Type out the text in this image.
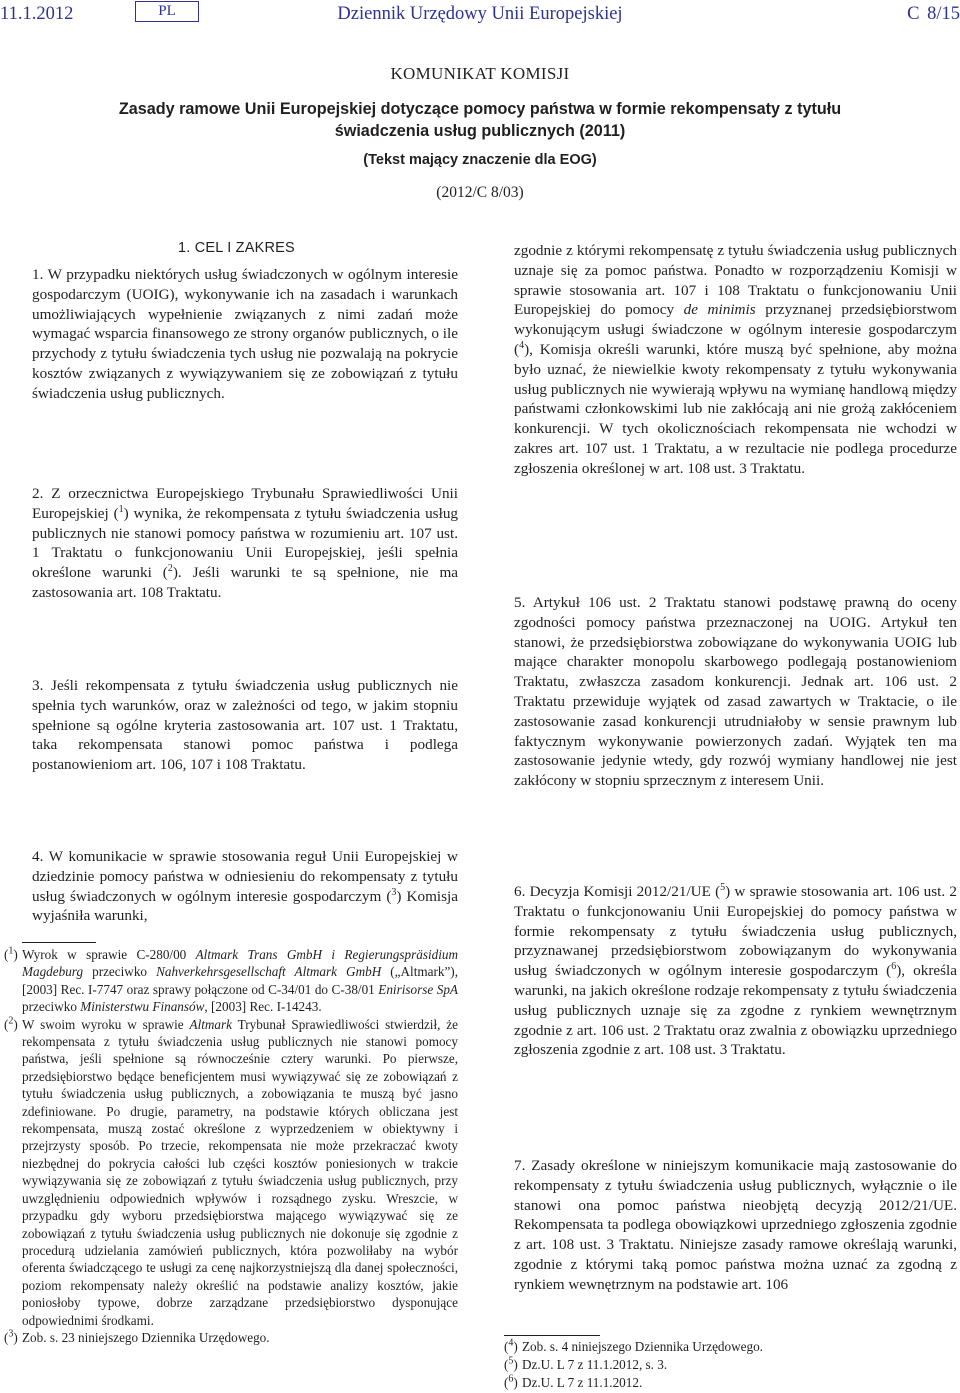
11.1.2012	PL	Dziennik Urzędowy Unii Europejskiej	C 8/15
KOMUNIKAT KOMISJI
Zasady ramowe Unii Europejskiej dotyczące pomocy państwa w formie rekompensaty z tytułu
świadczenia usług publicznych (2011)
(Tekst mający znaczenie dla EOG)
(2012/C 8/03)
1. CEL I ZAKRES
1. W przypadku niektórych usług świadczonych w ogólnym interesie gospodarczym (UOIG), wykonywanie ich na zasadach i warunkach umożliwiających wypełnienie związanych z nimi zadań może wymagać wsparcia finansowego ze strony organów publicznych, o ile przychody z tytułu świadczenia tych usług nie pozwalają na pokrycie kosztów związanych z wywiązywaniem się ze zobowiązań z tytułu świadczenia usług publicznych.
2. Z orzecznictwa Europejskiego Trybunału Sprawiedliwości Unii Europejskiej ($^1$) wynika, że rekompensata z tytułu świadczenia usług publicznych nie stanowi pomocy państwa w rozumieniu art. 107 ust. 1 Traktatu o funkcjonowaniu Unii Europejskiej, jeśli spełnia określone warunki ($^2$). Jeśli warunki te są spełnione, nie ma zastosowania art. 108 Traktatu.
3. Jeśli rekompensata z tytułu świadczenia usług publicznych nie spełnia tych warunków, oraz w zależności od tego, w jakim stopniu spełnione są ogólne kryteria zastosowania art. 107 ust. 1 Traktatu, taka rekompensata stanowi pomoc państwa i podlega postanowieniom art. 106, 107 i 108 Traktatu.
4. W komunikacie w sprawie stosowania reguł Unii Europejskiej w dziedzinie pomocy państwa w odniesieniu do rekompensaty z tytułu usług świadczonych w ogólnym interesie gospodarczym ($^3$) Komisja wyjaśniła warunki,

($^1$) Wyrok w sprawie C-280/00 Altmark Trans GmbH i Regierungspräsidium Magdeburg przeciwko Nahverkehrsgesellschaft Altmark GmbH („Altmark”), [2003] Rec. I-7747 oraz sprawy połączone od C-34/01 do C-38/01 Enirisorse SpA przeciwko Ministerstwu Finansów, [2003] Rec. I-14243.

($^2$) W swoim wyroku w sprawie Altmark Trybunał Sprawiedliwości stwierdził, że rekompensata z tytułu świadczenia usług publicznych nie stanowi pomocy państwa, jeśli spełnione są równocześnie cztery warunki. Po pierwsze, przedsiębiorstwo będące beneficjentem musi wywiązywać się ze zobowiązań z tytułu świadczenia usług publicznych, a zobowiązania te muszą być jasno zdefiniowane. Po drugie, parametry, na podstawie których obliczana jest rekompensata, muszą zostać określone z wyprzedzeniem w obiektywny i przejrzysty sposób. Po trzecie, rekompensata nie może przekraczać kwoty niezbędnej do pokrycia całości lub części kosztów poniesionych w trakcie wywiązywania się ze zobowiązań z tytułu świadczenia usług publicznych, przy uwzględnieniu odpowiednich wpływów i rozsądnego zysku. Wreszcie, w przypadku gdy wyboru przedsiębiorstwa mającego wywiązywać się ze zobowiązań z tytułu świadczenia usług publicznych nie dokonuje się zgodnie z procedurą udzielania zamówień publicznych, która pozwoliłaby na wybór oferenta świadczącego te usługi za cenę najkorzystniejszą dla danej społeczności, poziom rekompensaty należy określić na podstawie analizy kosztów, jakie poniosłoby typowe, dobrze zarządzane przedsiębiorstwo dysponujące odpowiednimi środkami.

($^3$) Zob. s. 23 niniejszego Dziennika Urzędowego.

zgodnie z którymi rekompensatę z tytułu świadczenia usług publicznych uznaje się za pomoc państwa. Ponadto w rozporządzeniu Komisji w sprawie stosowania art. 107 i 108 Traktatu o funkcjonowaniu Unii Europejskiej do pomocy de minimis przyznanej przedsiębiorstwom wykonującym usługi świadczone w ogólnym interesie gospodarczym ($^4$), Komisja określi warunki, które muszą być spełnione, aby można było uznać, że niewielkie kwoty rekompensaty z tytułu wykonywania usług publicznych nie wywierają wpływu na wymianę handlową między państwami członkowskimi lub nie zakłócają ani nie grożą zakłóceniem konkurencji. W tych okolicznościach rekompensata nie wchodzi w zakres art. 107 ust. 1 Traktatu, a w rezultacie nie podlega procedurze zgłoszenia określonej w art. 108 ust. 3 Traktatu.
5. Artykuł 106 ust. 2 Traktatu stanowi podstawę prawną do oceny zgodności pomocy państwa przeznaczonej na UOIG. Artykuł ten stanowi, że przedsiębiorstwa zobowiązane do wykonywania UOIG lub mające charakter monopolu skarbowego podlegają postanowieniom Traktatu, zwłaszcza zasadom konkurencji. Jednak art. 106 ust. 2 Traktatu przewiduje wyjątek od zasad zawartych w Traktacie, o ile zastosowanie zasad konkurencji utrudniałoby w sensie prawnym lub faktycznym wykonywanie powierzonych zadań. Wyjątek ten ma zastosowanie jedynie wtedy, gdy rozwój wymiany handlowej nie jest zakłócony w stopniu sprzecznym z interesem Unii.
6. Decyzja Komisji 2012/21/UE ($^5$) w sprawie stosowania art. 106 ust. 2 Traktatu o funkcjonowaniu Unii Europejskiej do pomocy państwa w formie rekompensaty z tytułu świadczenia usług publicznych, przyznawanej przedsiębiorstwom zobowiązanym do wykonywania usług świadczonych w ogólnym interesie gospodarczym ($^6$), określa warunki, na jakich określone rodzaje rekompensaty z tytułu świadczenia usług publicznych uznaje się za zgodne z rynkiem wewnętrznym zgodnie z art. 106 ust. 2 Traktatu oraz zwalnia z obowiązku uprzedniego zgłoszenia zgodnie z art. 108 ust. 3 Traktatu.
7. Zasady określone w niniejszym komunikacie mają zastosowanie do rekompensaty z tytułu świadczenia usług publicznych, wyłącznie o ile stanowi ona pomoc państwa nieobjętą decyzją 2012/21/UE. Rekompensata ta podlega obowiązkowi uprzedniego zgłoszenia zgodnie z art. 108 ust. 3 Traktatu. Niniejsze zasady ramowe określają warunki, zgodnie z którymi taką pomoc państwa można uznać za zgodną z rynkiem wewnętrznym na podstawie art. 106

($^4$) Zob. s. 4 niniejszego Dziennika Urzędowego.

($^5$) Dz.U. L 7 z 11.1.2012, s. 3.

($^6$) Dz.U. L 7 z 11.1.2012.
